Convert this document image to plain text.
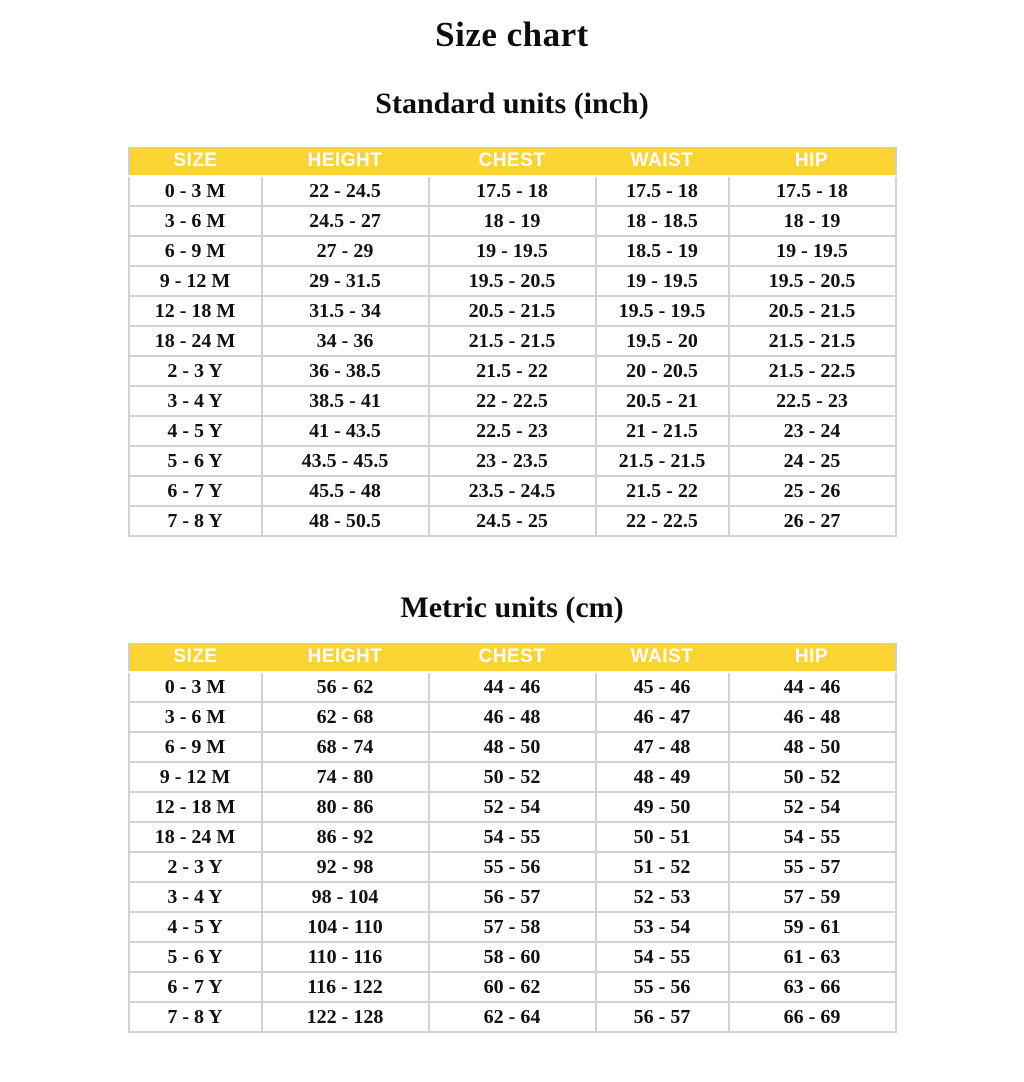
Size chart
Standard units (inch)
SIZE	HEIGHT	CHEST	WAIST	HIP
0 - 3 M	22 - 24.5	17.5 - 18	17.5 - 18	17.5 - 18
3 - 6 M	24.5 - 27	18 - 19	18 - 18.5	18 - 19
6 - 9 M	27 - 29	19 - 19.5	18.5 - 19	19 - 19.5
9 - 12 M	29 - 31.5	19.5 - 20.5	19 - 19.5	19.5 - 20.5
12 - 18 M	31.5 - 34	20.5 - 21.5	19.5 - 19.5	20.5 - 21.5
18 - 24 M	34 - 36	21.5 - 21.5	19.5 - 20	21.5 - 21.5
2 - 3 Y	36 - 38.5	21.5 - 22	20 - 20.5	21.5 - 22.5
3 - 4 Y	38.5 - 41	22 - 22.5	20.5 - 21	22.5 - 23
4 - 5 Y	41 - 43.5	22.5 - 23	21 - 21.5	23 - 24
5 - 6 Y	43.5 - 45.5	23 - 23.5	21.5 - 21.5	24 - 25
6 - 7 Y	45.5 - 48	23.5 - 24.5	21.5 - 22	25 - 26
7 - 8 Y	48 - 50.5	24.5 - 25	22 - 22.5	26 - 27
Metric units (cm)
SIZE	HEIGHT	CHEST	WAIST	HIP
0 - 3 M	56 - 62	44 - 46	45 - 46	44 - 46
3 - 6 M	62 - 68	46 - 48	46 - 47	46 - 48
6 - 9 M	68 - 74	48 - 50	47 - 48	48 - 50
9 - 12 M	74 - 80	50 - 52	48 - 49	50 - 52
12 - 18 M	80 - 86	52 - 54	49 - 50	52 - 54
18 - 24 M	86 - 92	54 - 55	50 - 51	54 - 55
2 - 3 Y	92 - 98	55 - 56	51 - 52	55 - 57
3 - 4 Y	98 - 104	56 - 57	52 - 53	57 - 59
4 - 5 Y	104 - 110	57 - 58	53 - 54	59 - 61
5 - 6 Y	110 - 116	58 - 60	54 - 55	61 - 63
6 - 7 Y	116 - 122	60 - 62	55 - 56	63 - 66
7 - 8 Y	122 - 128	62 - 64	56 - 57	66 - 69
